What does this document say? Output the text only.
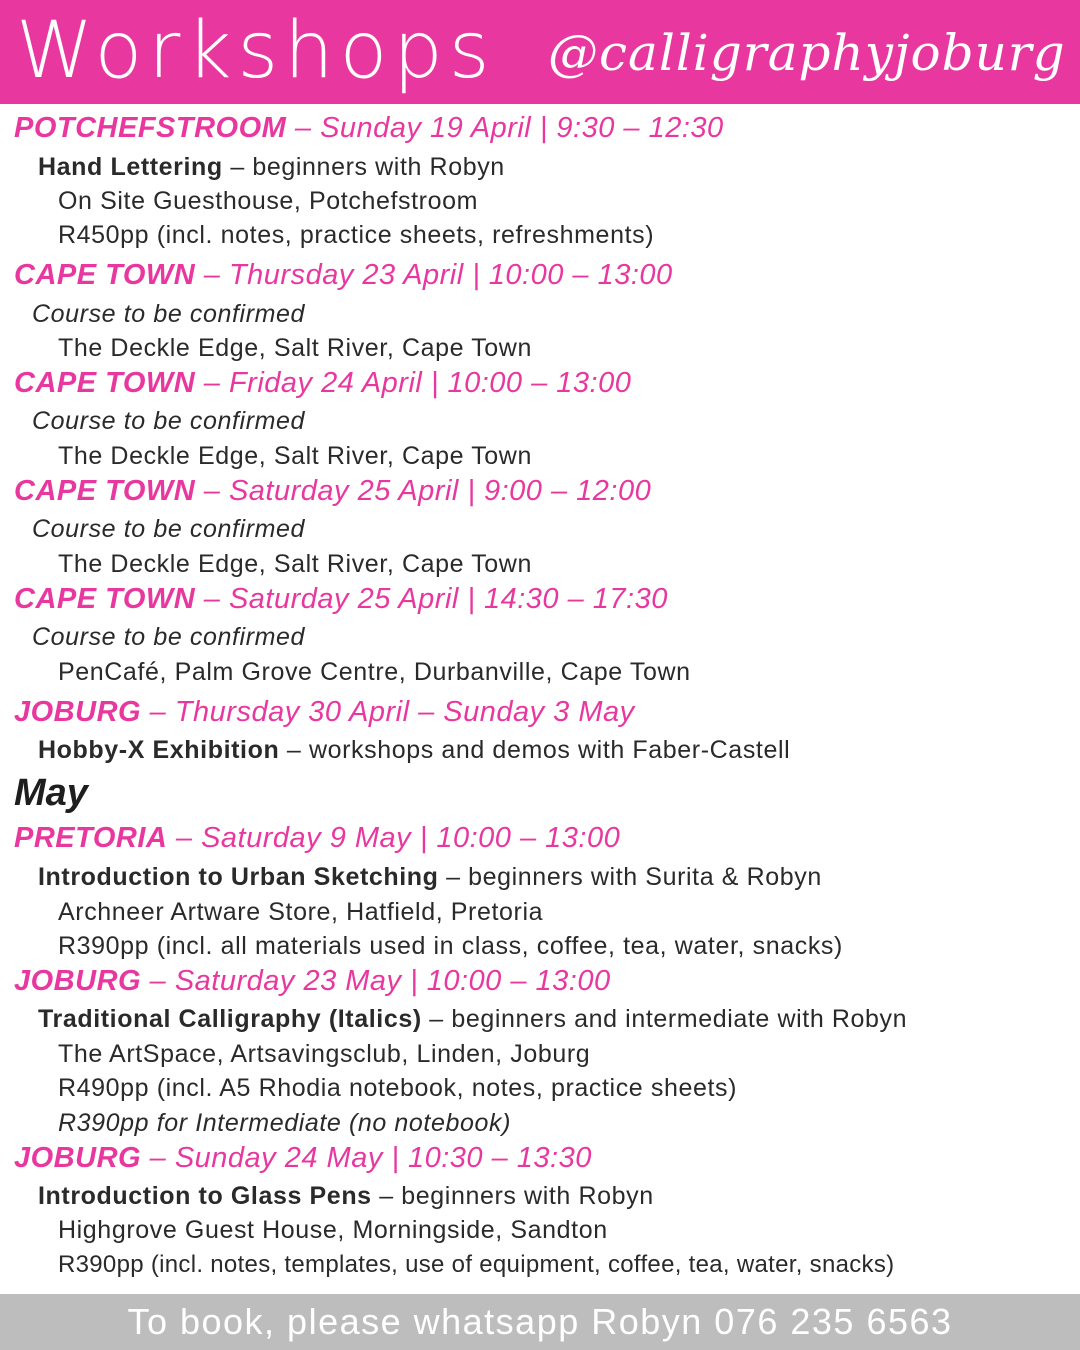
Workshops @calligraphyjoburg
POTCHEFSTROOM – Sunday 19 April | 9:30 – 12:30
Hand Lettering – beginners with Robyn
On Site Guesthouse, Potchefstroom
R450pp (incl. notes, practice sheets, refreshments)
CAPE TOWN – Thursday 23 April | 10:00 – 13:00
Course to be confirmed
The Deckle Edge, Salt River, Cape Town
CAPE TOWN – Friday 24 April | 10:00 – 13:00
Course to be confirmed
The Deckle Edge, Salt River, Cape Town
CAPE TOWN – Saturday 25 April | 9:00 – 12:00
Course to be confirmed
The Deckle Edge, Salt River, Cape Town
CAPE TOWN – Saturday 25 April | 14:30 – 17:30
Course to be confirmed
PenCafé, Palm Grove Centre, Durbanville, Cape Town
JOBURG – Thursday 30 April – Sunday 3 May
Hobby-X Exhibition – workshops and demos with Faber-Castell
May
PRETORIA – Saturday 9 May | 10:00 – 13:00
Introduction to Urban Sketching – beginners with Surita & Robyn
Archneer Artware Store, Hatfield, Pretoria
R390pp (incl. all materials used in class, coffee, tea, water, snacks)
JOBURG – Saturday 23 May | 10:00 – 13:00
Traditional Calligraphy (Italics) – beginners and intermediate with Robyn
The ArtSpace, Artsavingsclub, Linden, Joburg
R490pp (incl. A5 Rhodia notebook, notes, practice sheets)
R390pp for Intermediate (no notebook)
JOBURG – Sunday 24 May | 10:30 – 13:30
Introduction to Glass Pens – beginners with Robyn
Highgrove Guest House, Morningside, Sandton
R390pp (incl. notes, templates, use of equipment, coffee, tea, water, snacks)
To book, please whatsapp Robyn 076 235 6563
